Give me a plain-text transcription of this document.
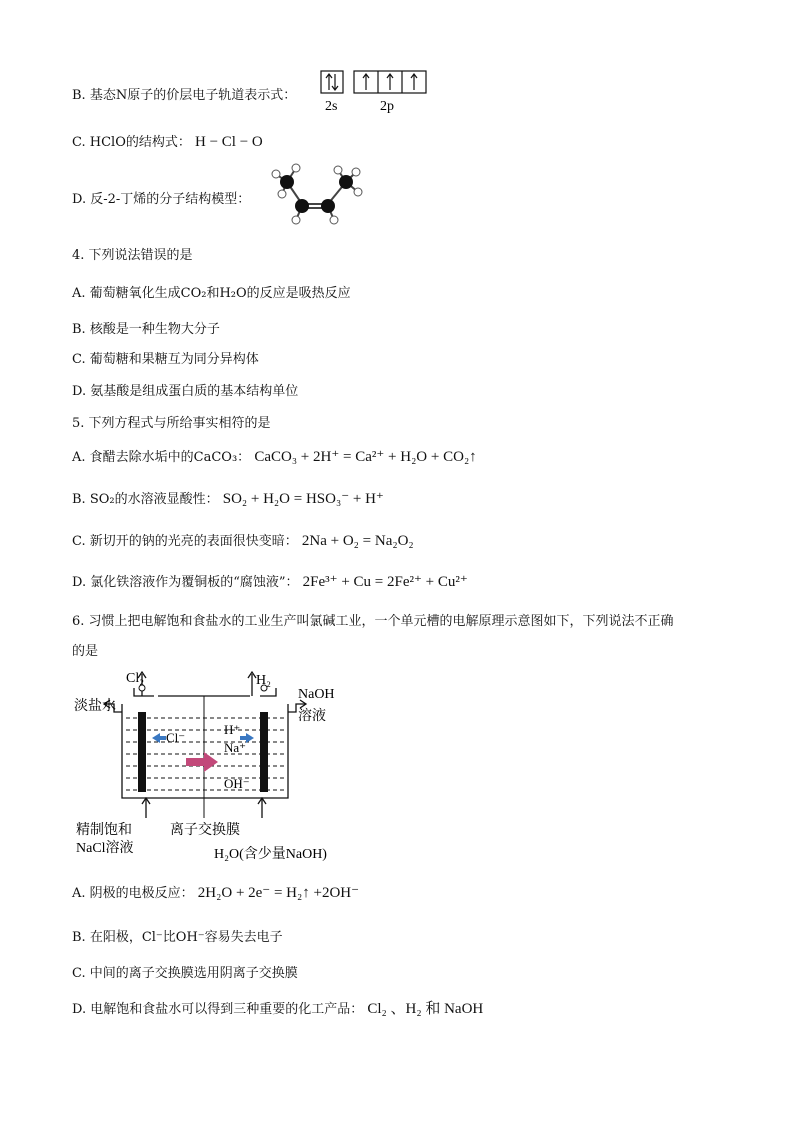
B. 基态N原子的价层电子轨道表示式：
2s	2p
C. HClO的结构式： H − Cl − O
D. 反-2-丁烯的分子结构模型：
4. 下列说法错误的是
A. 葡萄糖氧化生成CO₂和H₂O的反应是吸热反应
B. 核酸是一种生物大分子
C. 葡萄糖和果糖互为同分异构体
D. 氨基酸是组成蛋白质的基本结构单位
5. 下列方程式与所给事实相符的是
A. 食醋去除水垢中的CaCO₃： CaCO₃ + 2H⁺ = Ca²⁺ + H₂O + CO₂↑
B. SO₂的水溶液显酸性： SO₂ + H₂O = HSO₃⁻ + H⁺
C. 新切开的钠的光亮的表面很快变暗： 2Na + O₂ = Na₂O₂
D. 氯化铁溶液作为覆铜板的“腐蚀液”： 2Fe³⁺ + Cu = 2Fe²⁺ + Cu²⁺
6. 习惯上把电解饱和食盐水的工业生产叫氯碱工业，一个单元槽的电解原理示意图如下，下列说法不正确
的是
Cl₂	H₂
淡盐水
NaOH
溶液
Cl⁻
H⁺
Na⁺
OH⁻
精制饱和
NaCl溶液
离子交换膜
H₂O(含少量NaOH)
A. 阴极的电极反应： 2H₂O + 2e⁻ = H₂↑ +2OH⁻
B. 在阳极，Cl⁻比OH⁻容易失去电子
C. 中间的离子交换膜选用阴离子交换膜
D. 电解饱和食盐水可以得到三种重要的化工产品： Cl₂ 、H₂ 和 NaOH
